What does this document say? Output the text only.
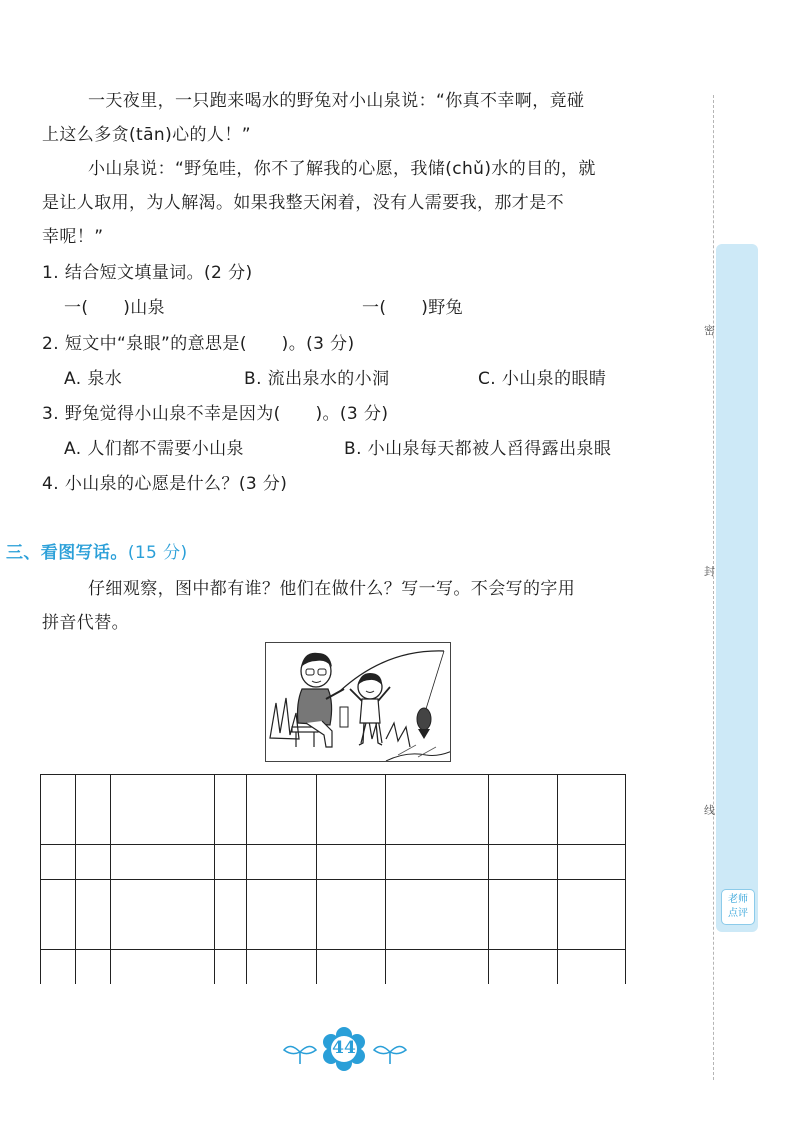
一天夜里，一只跑来喝水的野兔对小山泉说：“你真不幸啊，竟碰
上这么多贪(tān)心的人！”
小山泉说：“野兔哇，你不了解我的心愿，我储(chǔ)水的目的，就
是让人取用，为人解渴。如果我整天闲着，没有人需要我，那才是不
幸呢！”
1. 结合短文填量词。(2 分)
一(　　)山泉	一(　　)野兔
2. 短文中“泉眼”的意思是(　　)。(3 分)
A. 泉水	B. 流出泉水的小洞	C. 小山泉的眼睛
3. 野兔觉得小山泉不幸是因为(　　)。(3 分)
A. 人们都不需要小山泉	B. 小山泉每天都被人舀得露出泉眼
4. 小山泉的心愿是什么？(3 分)
三、看图写话。(15 分)
仔细观察，图中都有谁？他们在做什么？写一写。不会写的字用
拼音代替。
密
封
线
老师
点评
44
